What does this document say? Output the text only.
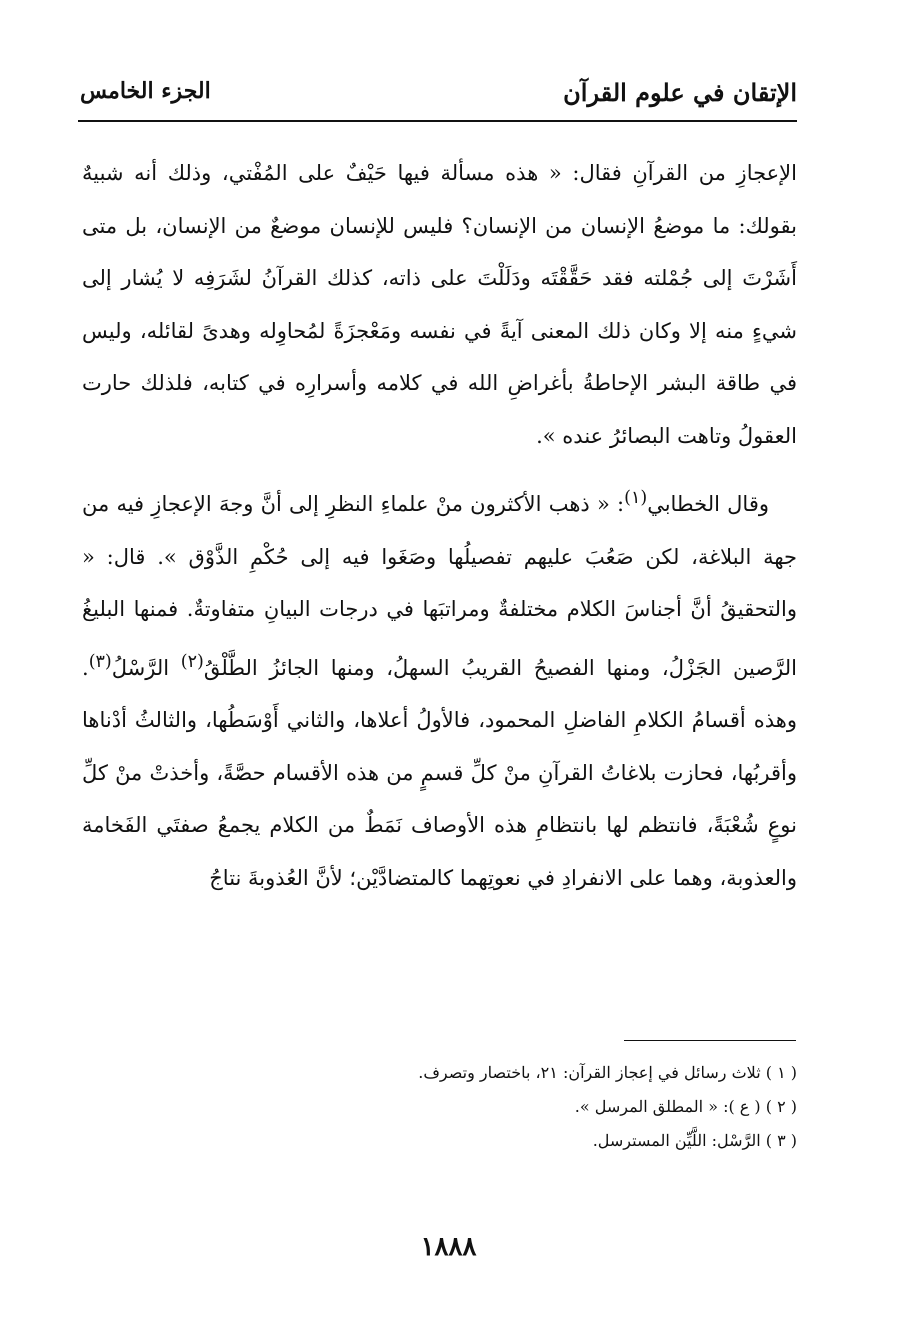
الإتقان في علوم القرآن
الجزء الخامس

الإعجازِ من القرآنِ فقال: « هذه مسألة فيها حَيْفٌ على المُفْتي، وذلك أنه شبيهٌ بقولك: ما موضعُ الإنسان من الإنسان؟ فليس للإنسان موضعٌ من الإنسان، بل متى أَشَرْتَ إلى جُمْلته فقد حَقَّقْتَه ودَلَلْتَ على ذاته، كذلك القرآنُ لشَرَفِه لا يُشار إلى شيءٍ منه إلا وكان ذلك المعنى آيةً في نفسه ومَعْجزَةً لمُحاوِله وهدىً لقائله، وليس في طاقة البشر الإحاطةُ بأغراضِ الله في كلامه وأسرارِه في كتابه، فلذلك حارت العقولُ وتاهت البصائرُ عنده ».

وقال الخطابي$^{(١)}$: « ذهب الأكثرون منْ علماءِ النظرِ إلى أنَّ وجهَ الإعجازِ فيه من جهة البلاغة، لكن صَعُبَ عليهم تفصيلُها وصَغَوا فيه إلى حُكْمِ الذَّوْق ». قال: « والتحقيقُ أنَّ أجناسَ الكلام مختلفةٌ ومراتبَها في درجات البيانِ متفاوتةٌ. فمنها البليغُ الرَّصين الجَزْلُ، ومنها الفصيحُ القريبُ السهلُ، ومنها الجائزُ الطَّلْقُ$^{(٢)}$ الرَّسْلُ$^{(٣)}$. وهذه أقسامُ الكلامِ الفاضلِ المحمود، فالأولُ أعلاها، والثاني أَوْسَطُها، والثالثُ أدْناها وأقربُها، فحازت بلاغاتُ القرآنِ منْ كلِّ قسمٍ من هذه الأقسام حصَّةً، وأخذتْ منْ كلِّ نوعٍ شُعْبَةً، فانتظم لها بانتظامِ هذه الأوصاف نَمَطٌ من الكلام يجمعُ صفتَي الفَخامة والعذوبة، وهما على الانفرادِ في نعوتِهما كالمتضادَّيْن؛ لأنَّ العُذوبةَ نتاجُ

( ١ ) ثلاث رسائل في إعجاز القرآن: ٢١، باختصار وتصرف.
( ٢ ) ( ع ): « المطلق المرسل ».
( ٣ ) الرَّسْل: اللَّيِّن المسترسل.
١٨٨٨
